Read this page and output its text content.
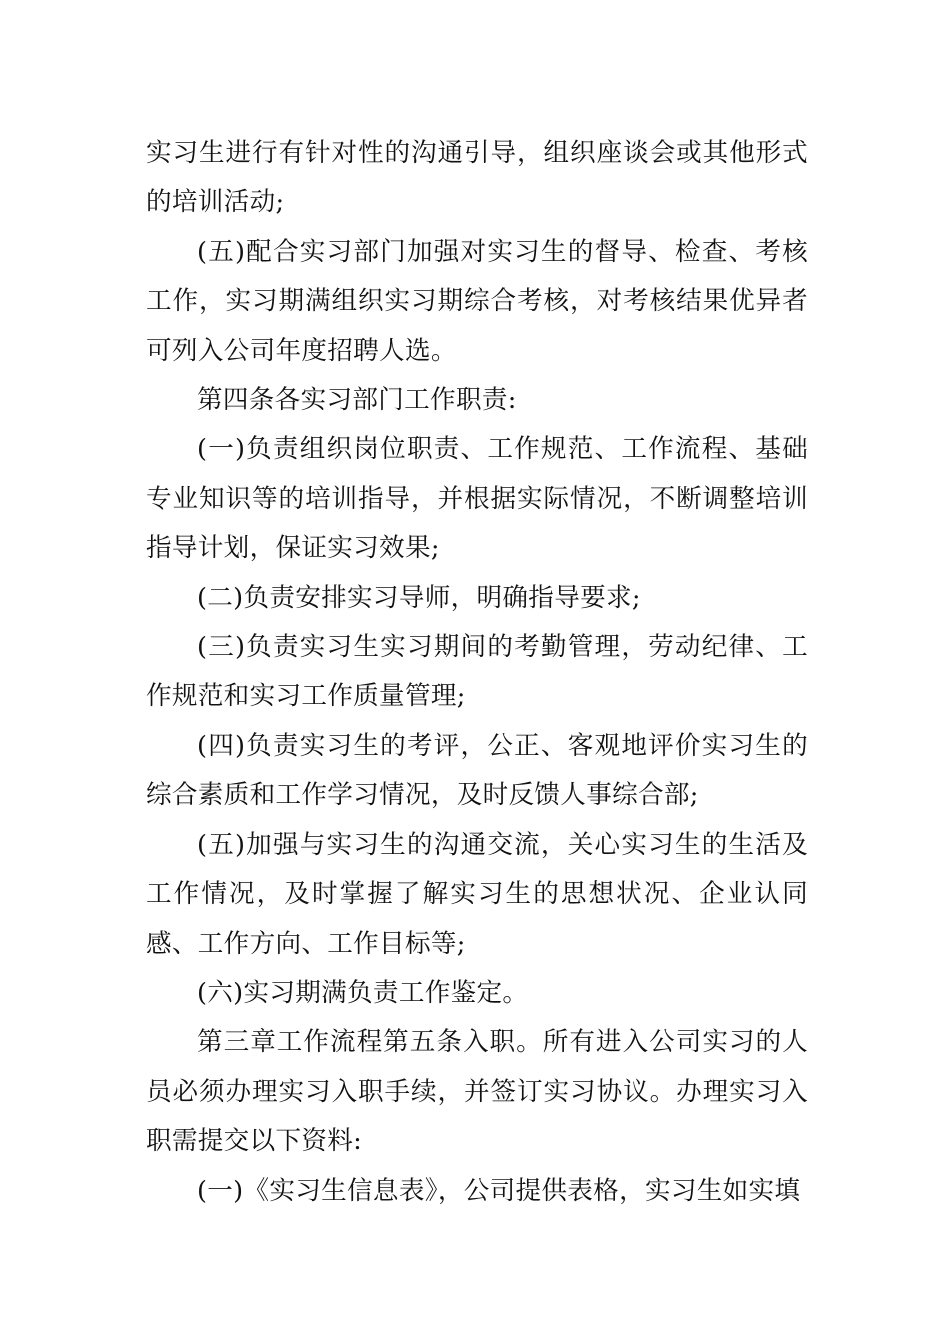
实习生进行有针对性的沟通引导，组织座谈会或其他形式的培训活动;

(五)配合实习部门加强对实习生的督导、检查、考核工作，实习期满组织实习期综合考核，对考核结果优异者可列入公司年度招聘人选。

第四条各实习部门工作职责:

(一)负责组织岗位职责、工作规范、工作流程、基础专业知识等的培训指导，并根据实际情况，不断调整培训指导计划，保证实习效果;

(二)负责安排实习导师，明确指导要求;

(三)负责实习生实习期间的考勤管理，劳动纪律、工作规范和实习工作质量管理;

(四)负责实习生的考评，公正、客观地评价实习生的综合素质和工作学习情况，及时反馈人事综合部;

(五)加强与实习生的沟通交流，关心实习生的生活及工作情况，及时掌握了解实习生的思想状况、企业认同感、工作方向、工作目标等;

(六)实习期满负责工作鉴定。

第三章工作流程第五条入职。所有进入公司实习的人员必须办理实习入职手续，并签订实习协议。办理实习入职需提交以下资料:

(一)《实习生信息表》，公司提供表格，实习生如实填
